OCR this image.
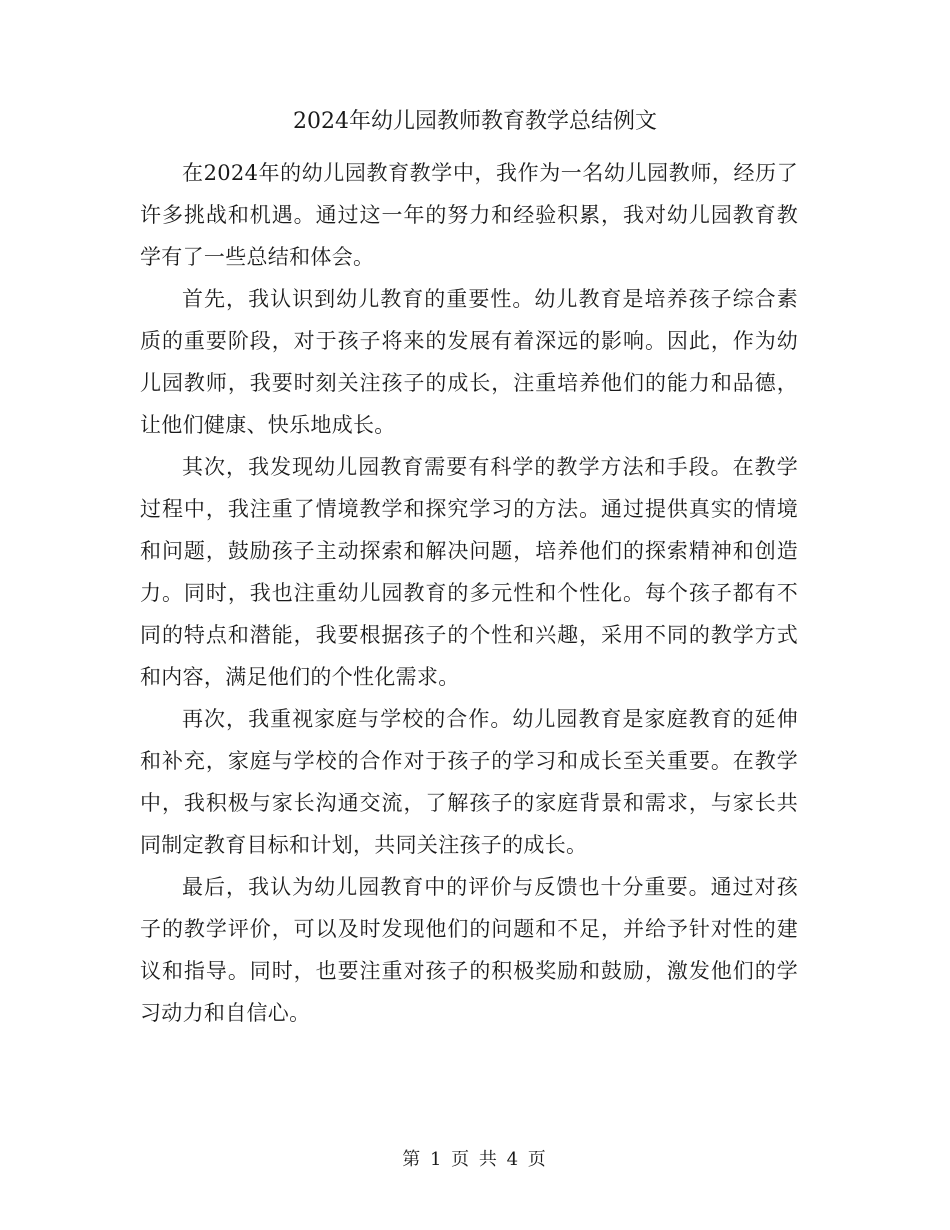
2024年幼儿园教师教育教学总结例文

在2024年的幼儿园教育教学中，我作为一名幼儿园教师，经历了许多挑战和机遇。通过这一年的努力和经验积累，我对幼儿园教育教学有了一些总结和体会。

首先，我认识到幼儿教育的重要性。幼儿教育是培养孩子综合素质的重要阶段，对于孩子将来的发展有着深远的影响。因此，作为幼儿园教师，我要时刻关注孩子的成长，注重培养他们的能力和品德，让他们健康、快乐地成长。

其次，我发现幼儿园教育需要有科学的教学方法和手段。在教学过程中，我注重了情境教学和探究学习的方法。通过提供真实的情境和问题，鼓励孩子主动探索和解决问题，培养他们的探索精神和创造力。同时，我也注重幼儿园教育的多元性和个性化。每个孩子都有不同的特点和潜能，我要根据孩子的个性和兴趣，采用不同的教学方式和内容，满足他们的个性化需求。

再次，我重视家庭与学校的合作。幼儿园教育是家庭教育的延伸和补充，家庭与学校的合作对于孩子的学习和成长至关重要。在教学中，我积极与家长沟通交流，了解孩子的家庭背景和需求，与家长共同制定教育目标和计划，共同关注孩子的成长。

最后，我认为幼儿园教育中的评价与反馈也十分重要。通过对孩子的教学评价，可以及时发现他们的问题和不足，并给予针对性的建议和指导。同时，也要注重对孩子的积极奖励和鼓励，激发他们的学习动力和自信心。

第 1 页 共 4 页
